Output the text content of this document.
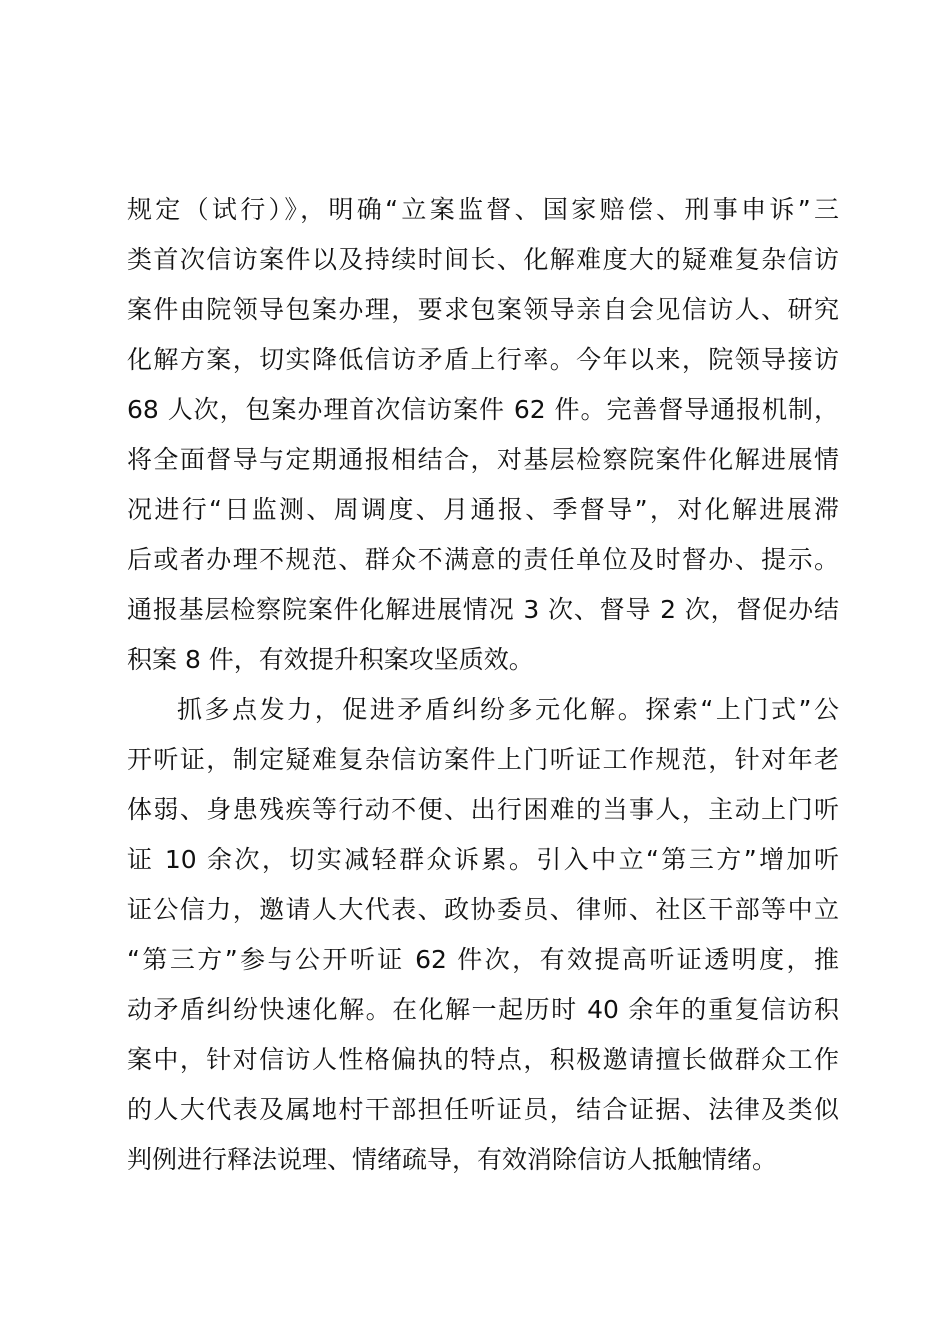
规定（试行）》，明确“立案监督、国家赔偿、刑事申诉”三
类首次信访案件以及持续时间长、化解难度大的疑难复杂信访
案件由院领导包案办理，要求包案领导亲自会见信访人、研究
化解方案，切实降低信访矛盾上行率。今年以来，院领导接访
68 人次，包案办理首次信访案件 62 件。完善督导通报机制，
将全面督导与定期通报相结合，对基层检察院案件化解进展情
况进行“日监测、周调度、月通报、季督导”，对化解进展滞
后或者办理不规范、群众不满意的责任单位及时督办、提示。
通报基层检察院案件化解进展情况 3 次、督导 2 次，督促办结
积案 8 件，有效提升积案攻坚质效。
抓多点发力，促进矛盾纠纷多元化解。探索“上门式”公
开听证，制定疑难复杂信访案件上门听证工作规范，针对年老
体弱、身患残疾等行动不便、出行困难的当事人，主动上门听
证 10 余次，切实减轻群众诉累。引入中立“第三方”增加听
证公信力，邀请人大代表、政协委员、律师、社区干部等中立
“第三方”参与公开听证 62 件次，有效提高听证透明度，推
动矛盾纠纷快速化解。在化解一起历时 40 余年的重复信访积
案中，针对信访人性格偏执的特点，积极邀请擅长做群众工作
的人大代表及属地村干部担任听证员，结合证据、法律及类似
判例进行释法说理、情绪疏导，有效消除信访人抵触情绪。
